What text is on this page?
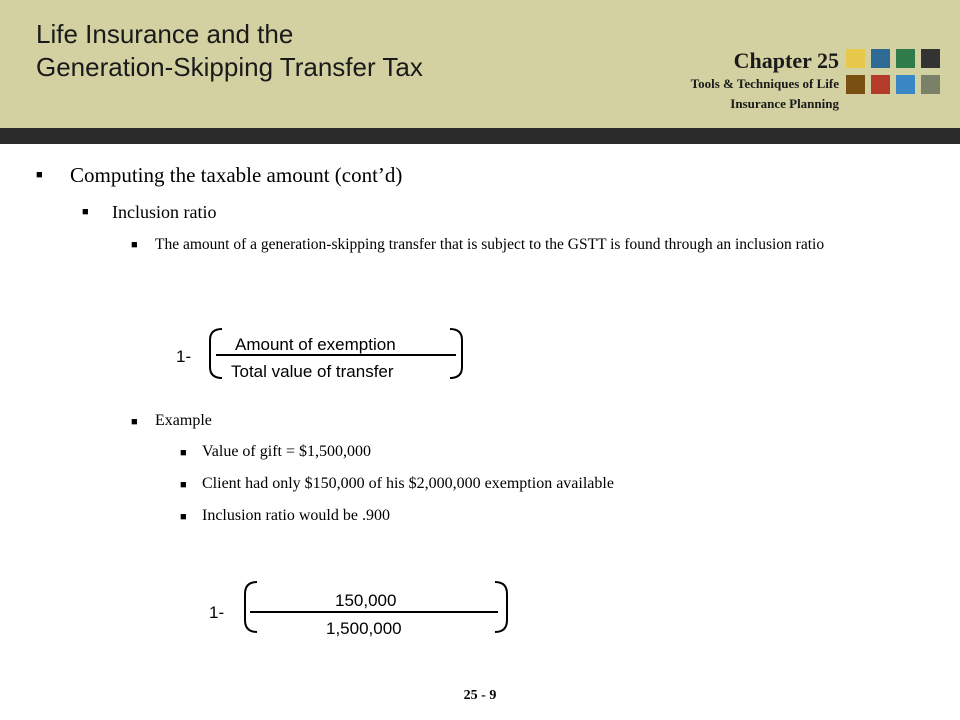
Life Insurance and the
Generation-Skipping Transfer Tax	Chapter 25
Tools & Techniques of Life
Insurance Planning
■ Computing the taxable amount (cont’d)
■ Inclusion ratio
■ The amount of a generation-skipping transfer that is subject to the GSTT is found through an inclusion ratio
1-
Amount of exemption
Total value of transfer
■ Example
■ Value of gift = $1,500,000
■ Client had only $150,000 of his $2,000,000 exemption available
■ Inclusion ratio would be .900
1-
150,000
1,500,000
25 - 9
